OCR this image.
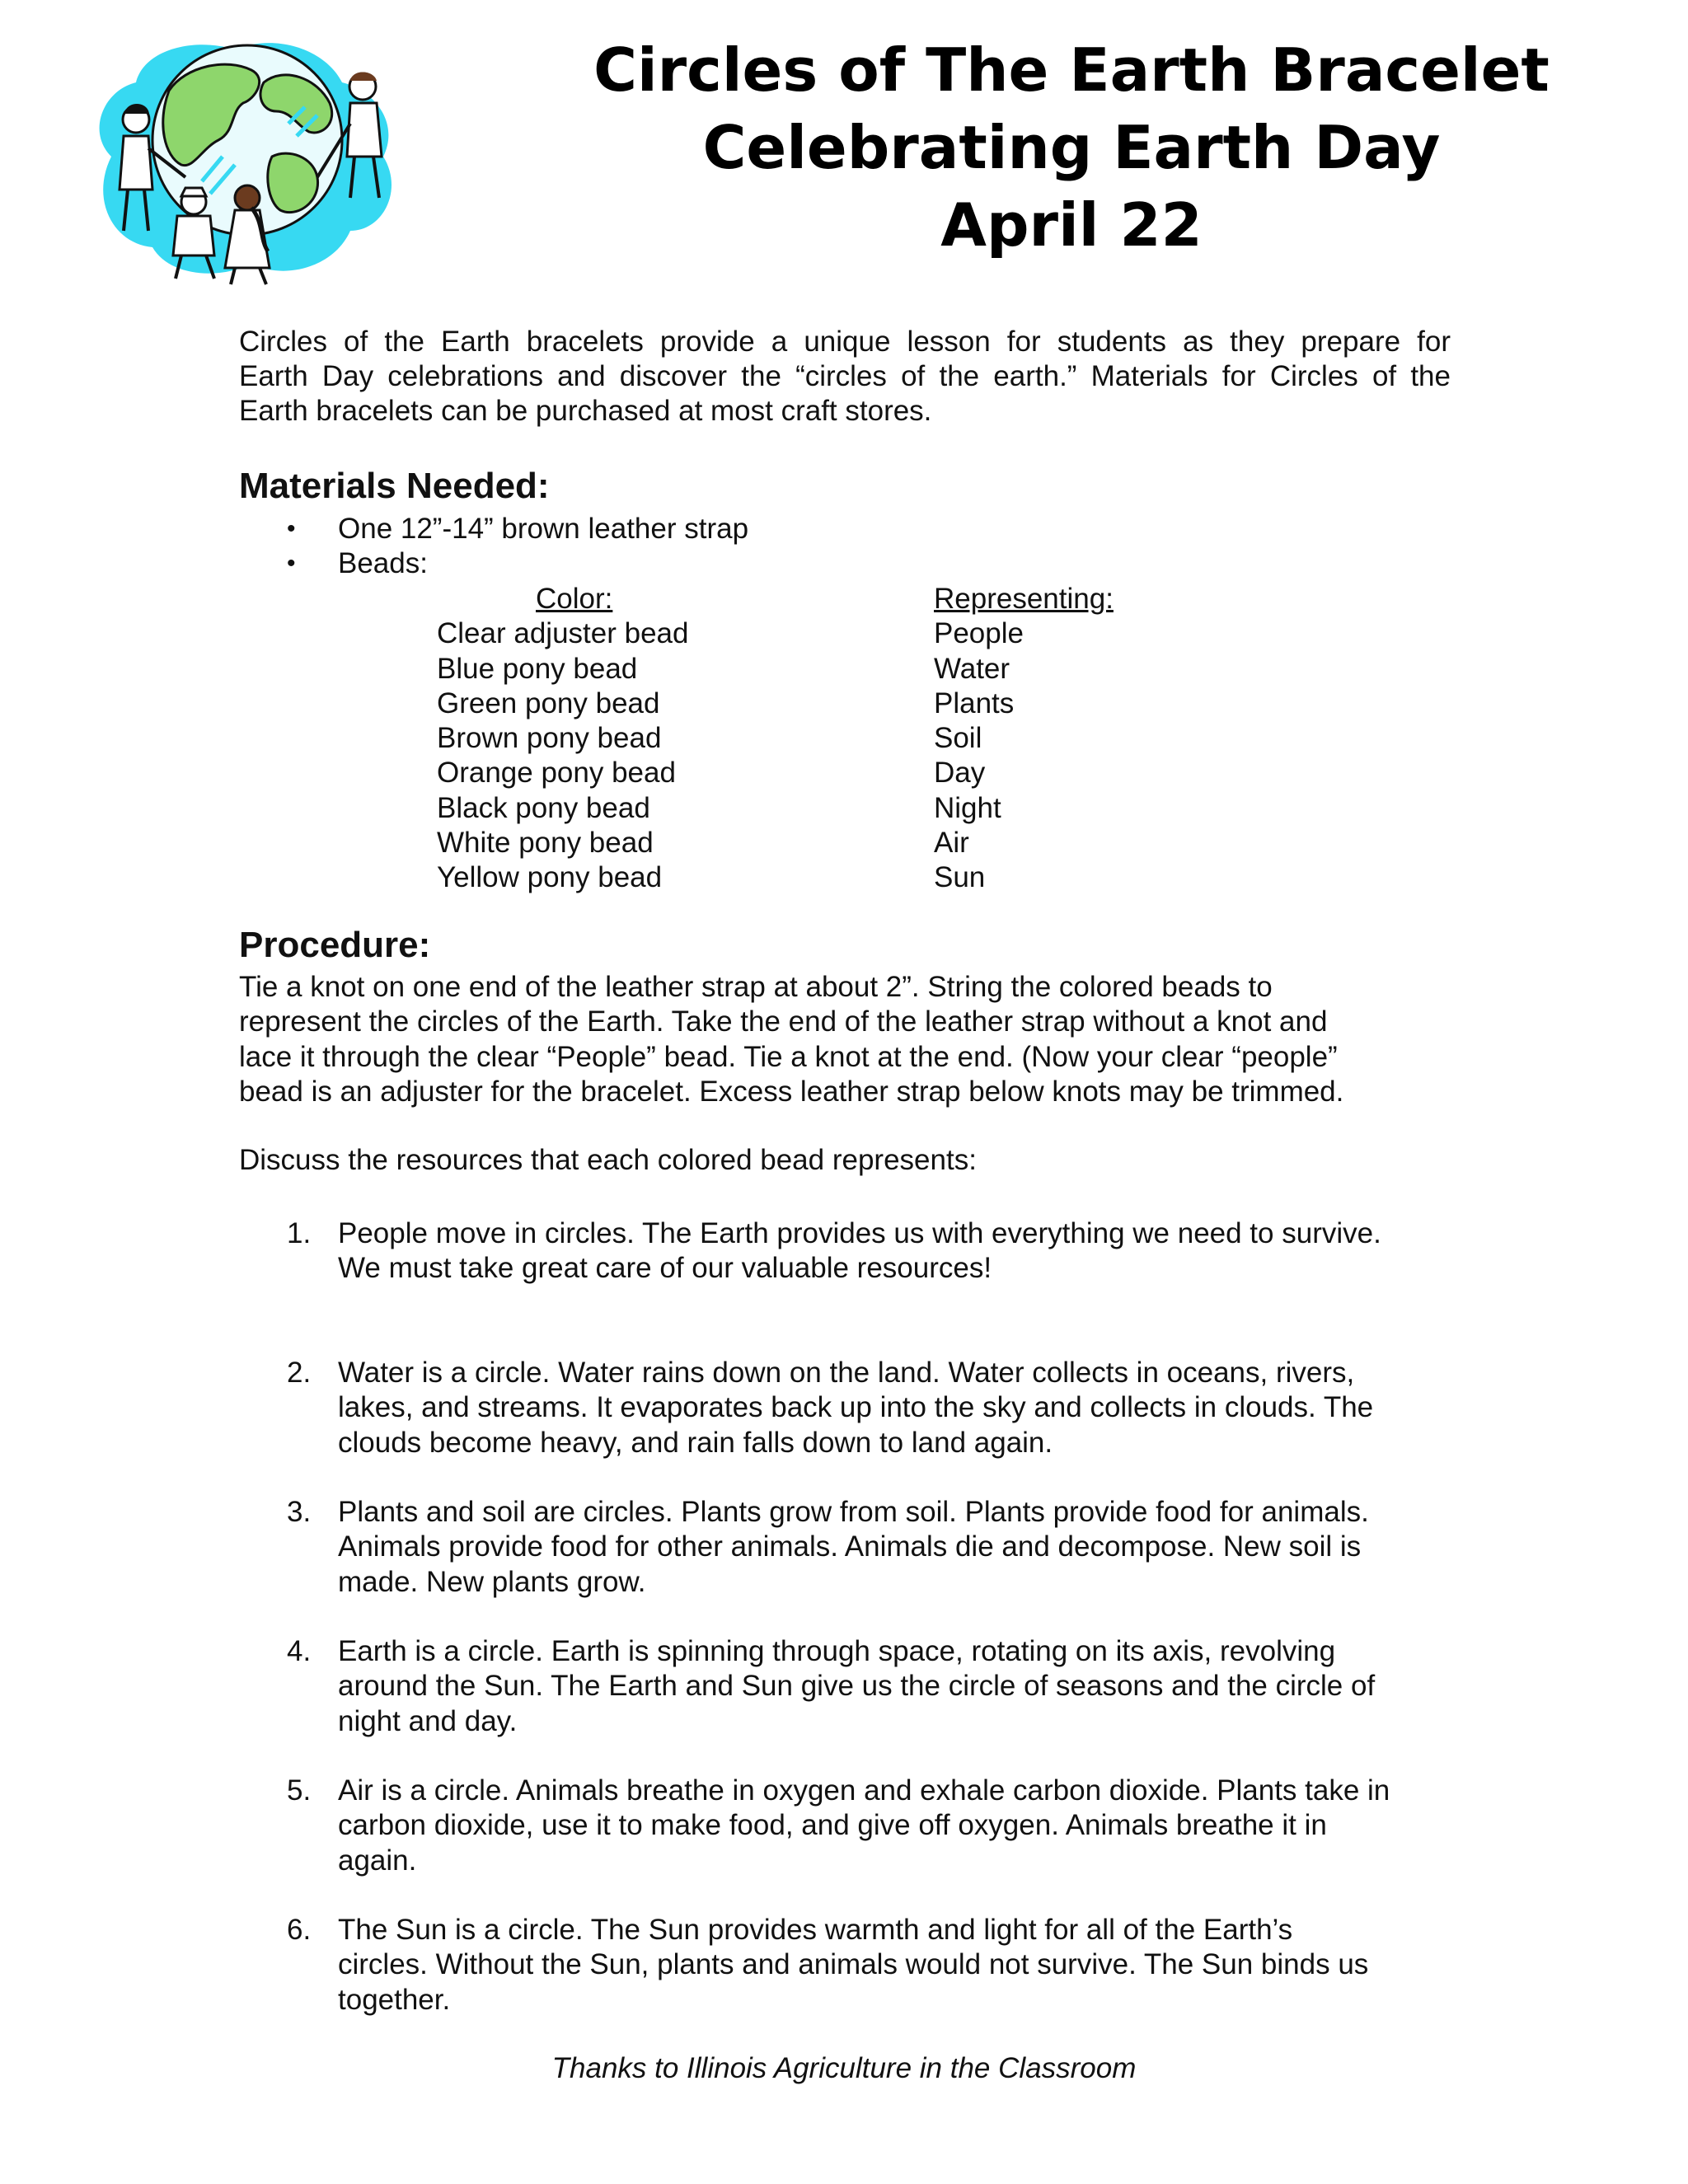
Circles of The Earth Bracelet
Celebrating Earth Day
April 22
Circles of the Earth bracelets provide a unique lesson for students as they prepare for
Earth Day celebrations and discover the “circles of the earth.” Materials for Circles of the
Earth bracelets can be purchased at most craft stores.
Materials Needed:
• One 12”-14” brown leather strap
• Beads:
Color:	Representing:
Clear adjuster bead	People
Blue pony bead	Water
Green pony bead	Plants
Brown pony bead	Soil
Orange pony bead	Day
Black pony bead	Night
White pony bead	Air
Yellow pony bead	Sun
Procedure:
Tie a knot on one end of the leather strap at about 2”. String the colored beads to
represent the circles of the Earth. Take the end of the leather strap without a knot and
lace it through the clear “People” bead. Tie a knot at the end. (Now your clear “people”
bead is an adjuster for the bracelet. Excess leather strap below knots may be trimmed.
Discuss the resources that each colored bead represents:
1. People move in circles. The Earth provides us with everything we need to survive.
We must take great care of our valuable resources!
2. Water is a circle. Water rains down on the land. Water collects in oceans, rivers,
lakes, and streams. It evaporates back up into the sky and collects in clouds. The
clouds become heavy, and rain falls down to land again.
3. Plants and soil are circles. Plants grow from soil. Plants provide food for animals.
Animals provide food for other animals. Animals die and decompose. New soil is
made. New plants grow.
4. Earth is a circle. Earth is spinning through space, rotating on its axis, revolving
around the Sun. The Earth and Sun give us the circle of seasons and the circle of
night and day.
5. Air is a circle. Animals breathe in oxygen and exhale carbon dioxide. Plants take in
carbon dioxide, use it to make food, and give off oxygen. Animals breathe it in
again.
6. The Sun is a circle. The Sun provides warmth and light for all of the Earth’s
circles. Without the Sun, plants and animals would not survive. The Sun binds us
together.
Thanks to Illinois Agriculture in the Classroom
